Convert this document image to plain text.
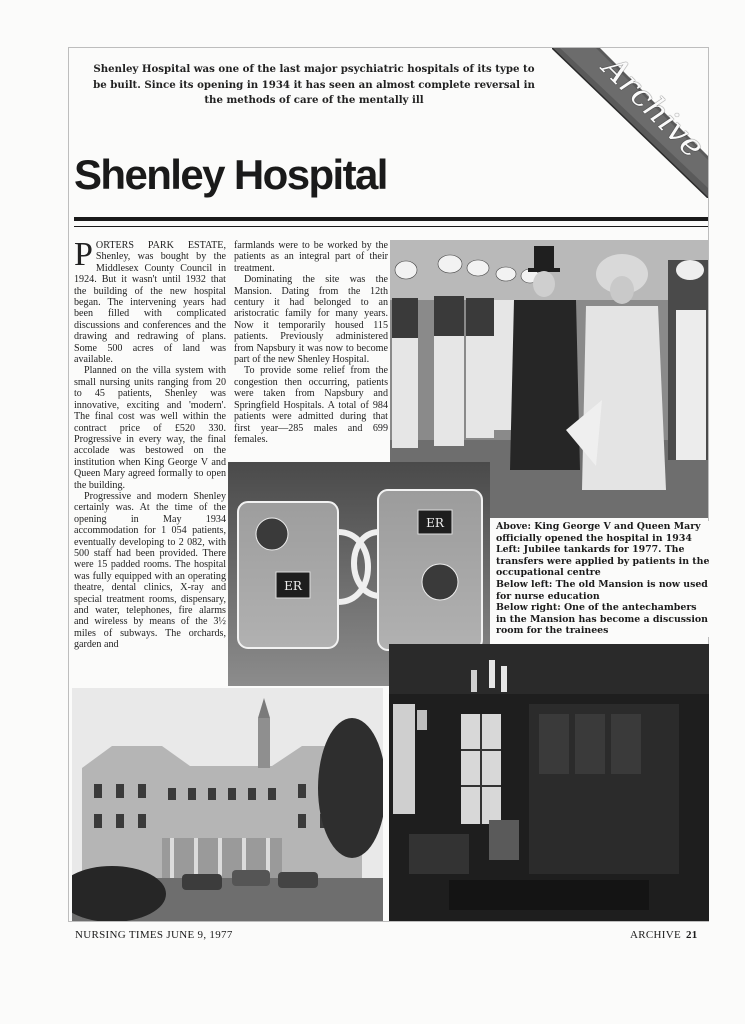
Shenley Hospital was one of the last major psychiatric hospitals of its type to be built. Since its opening in 1934 it has seen an almost complete reversal in the methods of care of the mentally ill	Archive
Shenley Hospital

PORTERS PARK ESTATE, Shenley, was bought by the Middlesex County Council in 1924. But it wasn't until 1932 that the building of the new hospital began. The intervening years had been filled with complicated discussions and conferences and the drawing and redrawing of plans. Some 500 acres of land was available.

Planned on the villa system with small nursing units ranging from 20 to 45 patients, Shenley was innovative, exciting and 'modern'. The final cost was well within the contract price of £520 330. Progressive in every way, the final accolade was bestowed on the institution when King George V and Queen Mary agreed formally to open the building.

Progressive and modern Shenley certainly was. At the time of the opening in May 1934 accommodation for 1 054 patients, eventually developing to 2 082, with 500 staff had been provided. There were 15 padded rooms. The hospital was fully equipped with an operating theatre, dental clinics, X-ray and special treatment rooms, dispensary, and water, telephones, fire alarms and wireless by means of the 3½ miles of subways. The orchards, garden and

farmlands were to be worked by the patients as an integral part of their treatment.

Dominating the site was the Mansion. Dating from the 12th century it had belonged to an aristocratic family for many years. Now it temporarily housed 115 patients. Previously administered from Napsbury it was now to become part of the new Shenley Hospital.

To provide some relief from the congestion then occurring, patients were taken from Napsbury and Springfield Hospitals. A total of 984 patients were admitted during that first year—285 males and 699 females.

ER
ER	Above: King George V and Queen Mary officially opened the hospital in 1934
Left: Jubilee tankards for 1977. The transfers were applied by patients in the occupational centre
Below left: The old Mansion is now used for nurse education
Below right: One of the antechambers in the Mansion has become a discussion room for the trainees
NURSING TIMES JUNE 9, 1977	ARCHIVE 21
